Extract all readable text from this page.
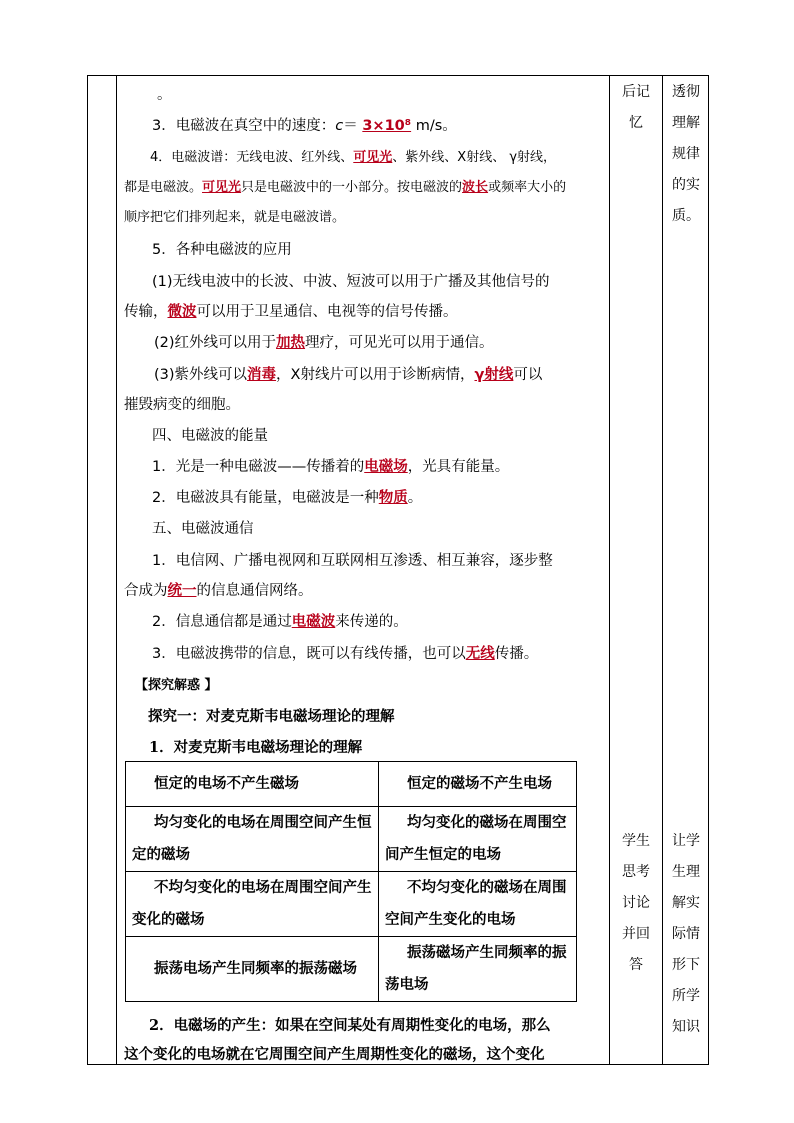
。
3．电磁波在真空中的速度：c＝ 3×10⁸ m/s。
4．电磁波谱：无线电波、红外线、可见光、紫外线、X射线、 γ射线，
都是电磁波。可见光只是电磁波中的一小部分。按电磁波的波长或频率大小的
顺序把它们排列起来，就是电磁波谱。
5．各种电磁波的应用
(1)无线电波中的长波、中波、短波可以用于广播及其他信号的
传输，微波可以用于卫星通信、电视等的信号传播。
(2)红外线可以用于加热理疗，可见光可以用于通信。
(3)紫外线可以消毒，X射线片可以用于诊断病情，γ射线可以
摧毁病变的细胞。
四、电磁波的能量
1．光是一种电磁波——传播着的电磁场，光具有能量。
2．电磁波具有能量，电磁波是一种物质。
五、电磁波通信
1．电信网、广播电视网和互联网相互渗透、相互兼容，逐步整
合成为统一的信息通信网络。
2．信息通信都是通过电磁波来传递的。
3．电磁波携带的信息，既可以有线传播，也可以无线传播。
【探究解惑 】
探究一：对麦克斯韦电磁场理论的理解
1．对麦克斯韦电磁场理论的理解
恒定的电场不产生磁场	恒定的磁场不产生电场

均匀变化的电场在周围空间产生恒定的磁场	均匀变化的磁场在周围空间产生恒定的电场

不均匀变化的电场在周围空间产生变化的磁场	不均匀变化的磁场在周围空间产生变化的电场

振荡电场产生同频率的振荡磁场	振荡磁场产生同频率的振荡电场
2．电磁场的产生：如果在空间某处有周期性变化的电场，那么
这个变化的电场就在它周围空间产生周期性变化的磁场，这个变化
后记
忆
透彻
理解
规律
的实
质。
学生
思考
讨论
并回
答
让学
生理
解实
际情
形下
所学
知识
